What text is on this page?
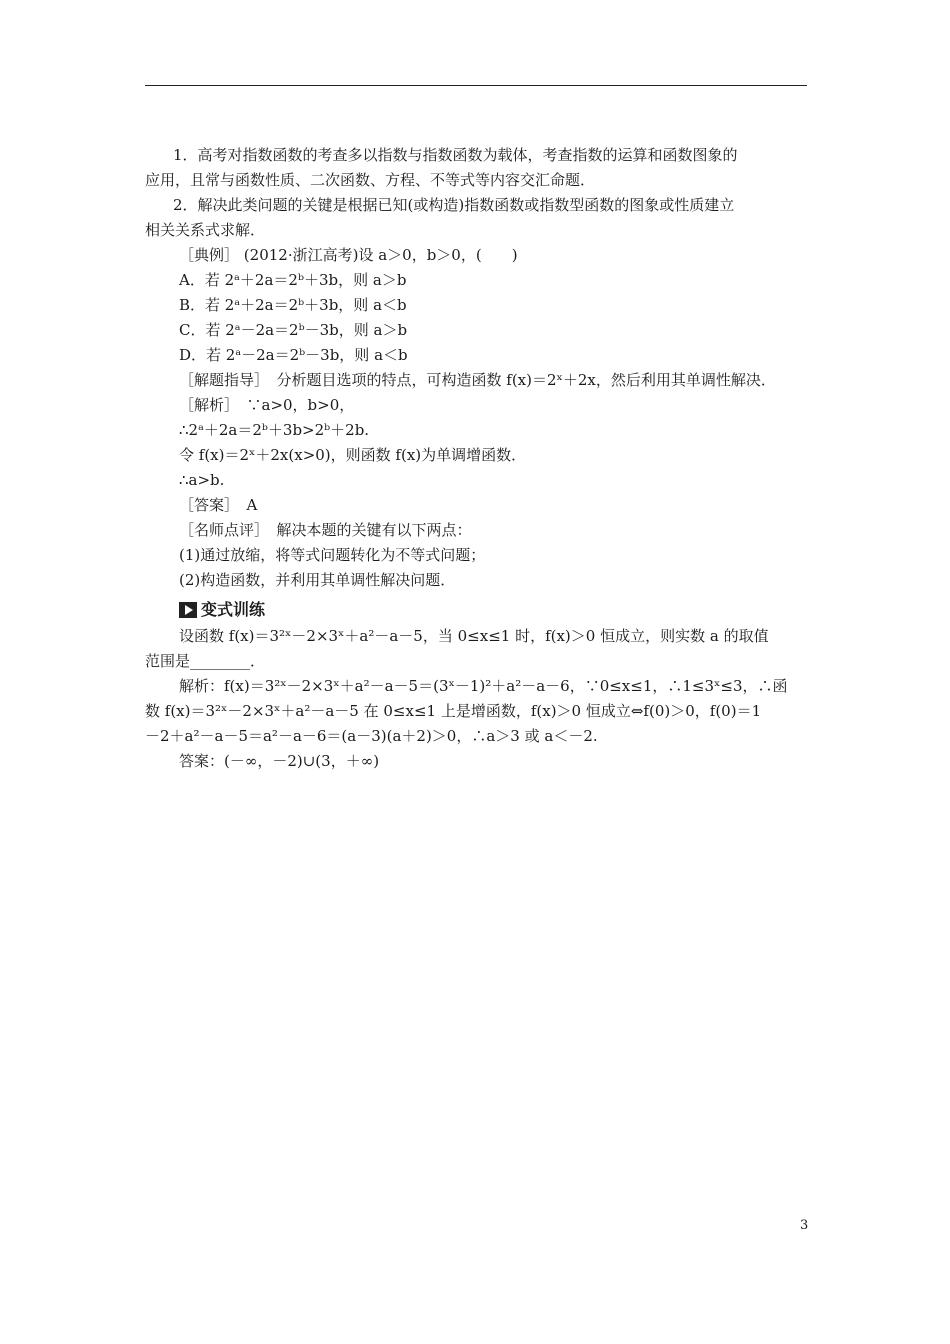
1．高考对指数函数的考查多以指数与指数函数为载体，考查指数的运算和函数图象的
应用，且常与函数性质、二次函数、方程、不等式等内容交汇命题．
2．解决此类问题的关键是根据已知(或构造)指数函数或指数型函数的图象或性质建立
相关关系式求解．
［典例］ (2012·浙江高考)设 a＞0，b＞0，(　　)
A．若 2ᵃ＋2a＝2ᵇ＋3b，则 a＞b
B．若 2ᵃ＋2a＝2ᵇ＋3b，则 a＜b
C．若 2ᵃ－2a＝2ᵇ－3b，则 a＞b
D．若 2ᵃ－2a＝2ᵇ－3b，则 a＜b
［解题指导］　分析题目选项的特点，可构造函数 f(x)＝2ˣ＋2x，然后利用其单调性解决．
［解析］　∵a>0，b>0，
∴2ᵃ＋2a＝2ᵇ＋3b>2ᵇ＋2b.
令 f(x)＝2ˣ＋2x(x>0)，则函数 f(x)为单调增函数．
∴a>b.
［答案］　A
［名师点评］　解决本题的关键有以下两点：
(1)通过放缩，将等式问题转化为不等式问题；
(2)构造函数，并利用其单调性解决问题．
变式训练
设函数 f(x)＝3²ˣ－2×3ˣ＋a²－a－5，当 0≤x≤1 时，f(x)＞0 恒成立，则实数 a 的取值
范围是________．
解析：f(x)＝3²ˣ－2×3ˣ＋a²－a－5＝(3ˣ－1)²＋a²－a－6，∵0≤x≤1，∴1≤3ˣ≤3，∴函
数 f(x)＝3²ˣ－2×3ˣ＋a²－a－5 在 0≤x≤1 上是增函数，f(x)＞0 恒成立⇔f(0)＞0，f(0)＝1
－2＋a²－a－5＝a²－a－6＝(a－3)(a＋2)＞0，∴a＞3 或 a＜－2.
答案：(－∞，－2)∪(3，＋∞)
3
